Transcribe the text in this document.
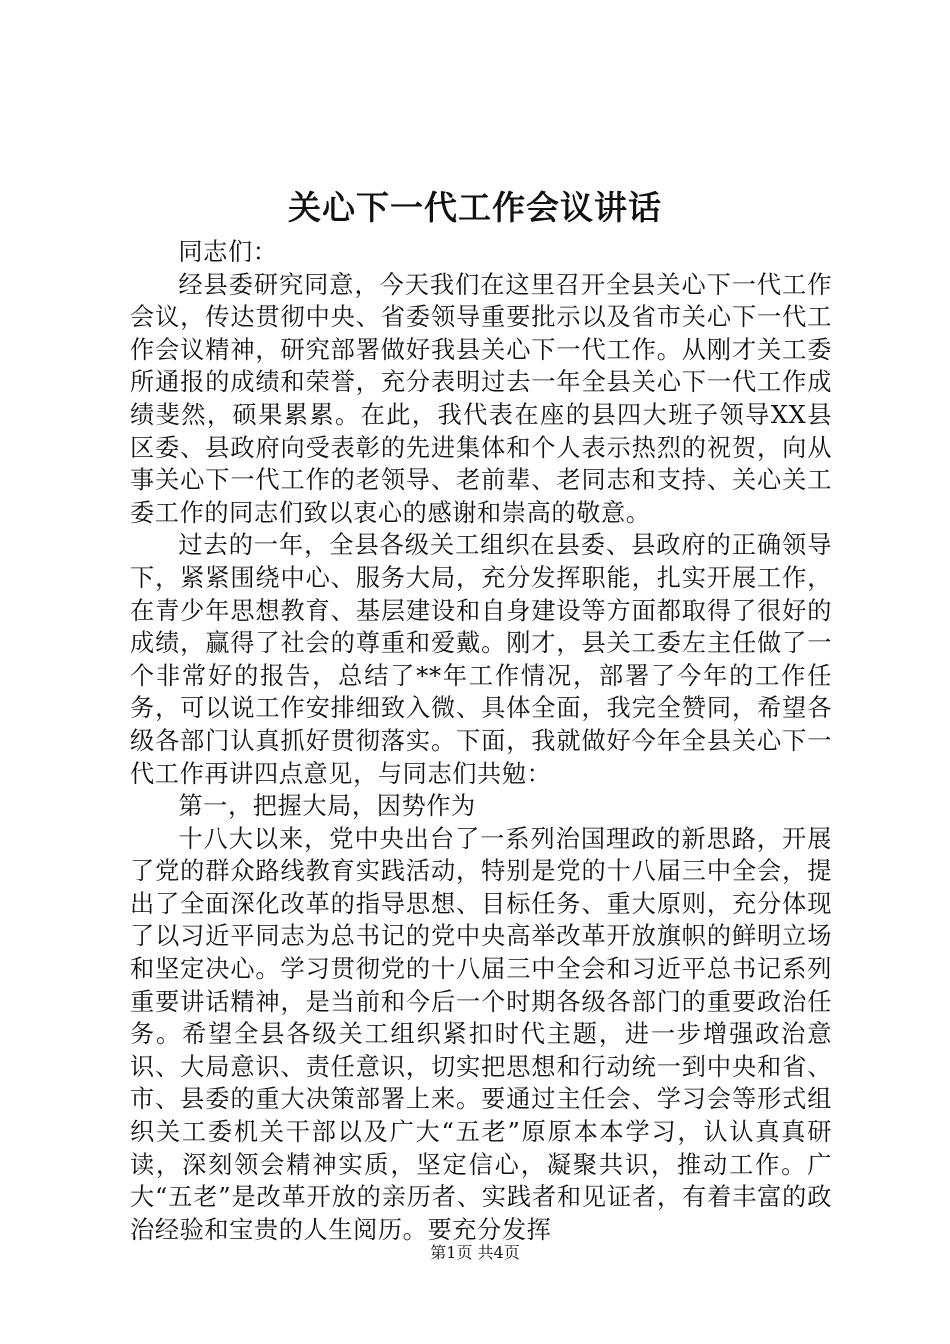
关心下一代工作会议讲话

同志们：

经县委研究同意，今天我们在这里召开全县关心下一代工作会议，传达贯彻中央、省委领导重要批示以及省市关心下一代工作会议精神，研究部署做好我县关心下一代工作。从刚才关工委所通报的成绩和荣誉，充分表明过去一年全县关心下一代工作成绩斐然，硕果累累。在此，我代表在座的县四大班子领导XX县区委、县政府向受表彰的先进集体和个人表示热烈的祝贺，向从事关心下一代工作的老领导、老前辈、老同志和支持、关心关工委工作的同志们致以衷心的感谢和崇高的敬意。

过去的一年，全县各级关工组织在县委、县政府的正确领导下，紧紧围绕中心、服务大局，充分发挥职能，扎实开展工作，在青少年思想教育、基层建设和自身建设等方面都取得了很好的成绩，赢得了社会的尊重和爱戴。刚才，县关工委左主任做了一个非常好的报告，总结了**年工作情况，部署了今年的工作任务，可以说工作安排细致入微、具体全面，我完全赞同，希望各级各部门认真抓好贯彻落实。下面，我就做好今年全县关心下一代工作再讲四点意见，与同志们共勉：

第一，把握大局，因势作为

十八大以来，党中央出台了一系列治国理政的新思路，开展了党的群众路线教育实践活动，特别是党的十八届三中全会，提出了全面深化改革的指导思想、目标任务、重大原则，充分体现了以习近平同志为总书记的党中央高举改革开放旗帜的鲜明立场和坚定决心。学习贯彻党的十八届三中全会和习近平总书记系列重要讲话精神，是当前和今后一个时期各级各部门的重要政治任务。希望全县各级关工组织紧扣时代主题，进一步增强政治意识、大局意识、责任意识，切实把思想和行动统一到中央和省、市、县委的重大决策部署上来。要通过主任会、学习会等形式组织关工委机关干部以及广大“五老”原原本本学习，认认真真研读，深刻领会精神实质，坚定信心，凝聚共识，推动工作。广大“五老”是改革开放的亲历者、实践者和见证者，有着丰富的政治经验和宝贵的人生阅历。要充分发挥

第1页 共4页
